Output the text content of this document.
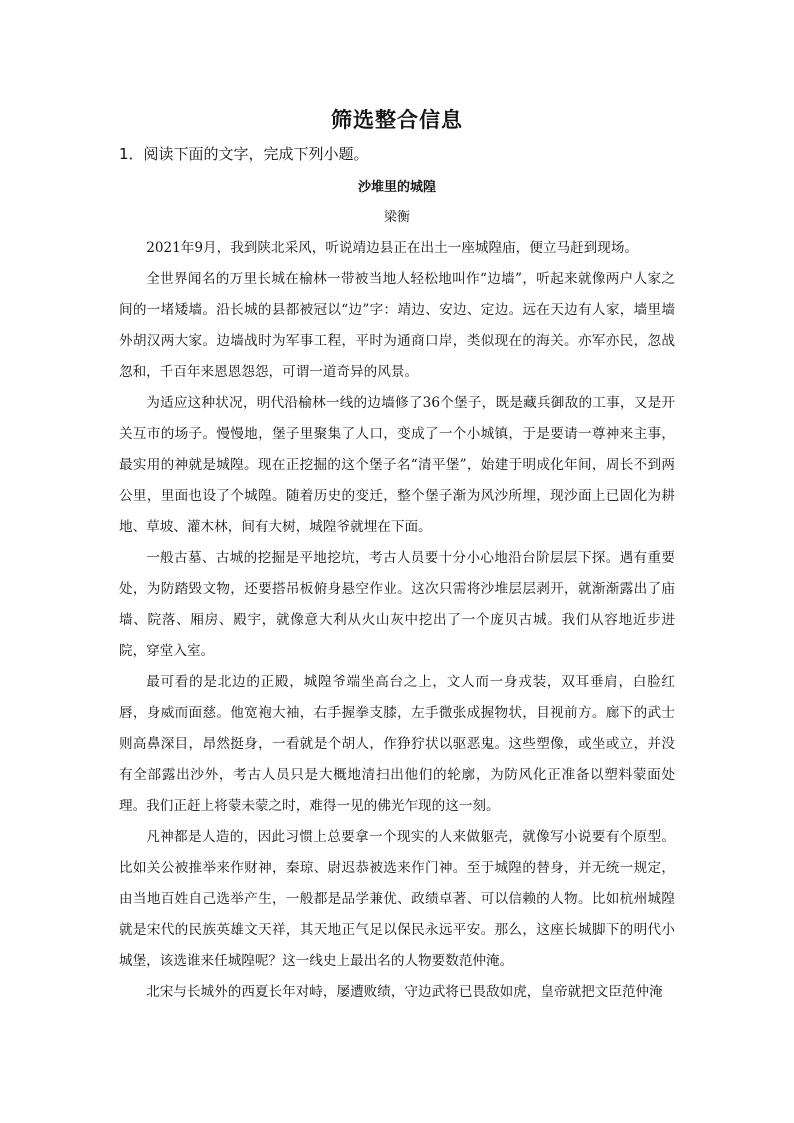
筛选整合信息
1．阅读下面的文字，完成下列小题。
沙堆里的城隍
梁衡

2021年9月，我到陕北采风，听说靖边县正在出土一座城隍庙，便立马赶到现场。

全世界闻名的万里长城在榆林一带被当地人轻松地叫作“边墙”，听起来就像两户人家之间的一堵矮墙。沿长城的县都被冠以“边”字：靖边、安边、定边。远在天边有人家，墙里墙外胡汉两大家。边墙战时为军事工程，平时为通商口岸，类似现在的海关。亦军亦民，忽战忽和，千百年来恩恩怨怨，可谓一道奇异的风景。

为适应这种状况，明代沿榆林一线的边墙修了36个堡子，既是藏兵御敌的工事，又是开关互市的场子。慢慢地，堡子里聚集了人口，变成了一个小城镇，于是要请一尊神来主事，最实用的神就是城隍。现在正挖掘的这个堡子名“清平堡”，始建于明成化年间，周长不到两公里，里面也设了个城隍。随着历史的变迁，整个堡子渐为风沙所埋，现沙面上已固化为耕地、草坡、灌木林，间有大树，城隍爷就埋在下面。

一般古墓、古城的挖掘是平地挖坑，考古人员要十分小心地沿台阶层层下探。遇有重要处，为防踏毁文物，还要搭吊板俯身悬空作业。这次只需将沙堆层层剥开，就渐渐露出了庙墙、院落、厢房、殿宇，就像意大利从火山灰中挖出了一个庞贝古城。我们从容地近步进院，穿堂入室。

最可看的是北边的正殿，城隍爷端坐高台之上，文人而一身戎装，双耳垂肩，白脸红唇，身威而面慈。他宽袍大袖，右手握拳支膝，左手微张成握物状，目视前方。廊下的武士则高鼻深目，昂然挺身，一看就是个胡人，作狰狞状以驱恶鬼。这些塑像，或坐或立，并没有全部露出沙外，考古人员只是大概地清扫出他们的轮廓，为防风化正准备以塑料蒙面处理。我们正赶上将蒙未蒙之时，难得一见的佛光乍现的这一刻。

凡神都是人造的，因此习惯上总要拿一个现实的人来做躯壳，就像写小说要有个原型。比如关公被推举来作财神，秦琼、尉迟恭被选来作门神。至于城隍的替身，并无统一规定，由当地百姓自己选举产生，一般都是品学兼优、政绩卓著、可以信赖的人物。比如杭州城隍就是宋代的民族英雄文天祥，其天地正气足以保民永远平安。那么，这座长城脚下的明代小城堡，该选谁来任城隍呢？这一线史上最出名的人物要数范仲淹。

北宋与长城外的西夏长年对峙，屡遭败绩，守边武将已畏敌如虎，皇帝就把文臣范仲淹
